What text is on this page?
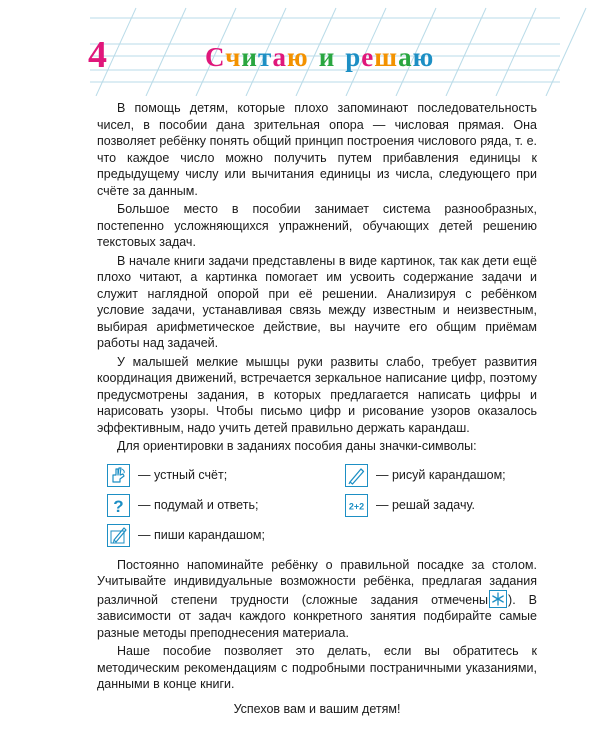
4	Считаю и решаю

В помощь детям, которые плохо запоминают последовательность чисел, в пособии дана зрительная опора — числовая прямая. Она позволяет ребёнку понять общий принцип построения числового ряда, т. е. что каждое число можно получить путем прибавления единицы к предыдущему числу или вычитания единицы из числа, следующего при счёте за данным.

Большое место в пособии занимает система разнообразных, постепенно усложняющихся упражнений, обучающих детей решению текстовых задач.

В начале книги задачи представлены в виде картинок, так как дети ещё плохо читают, а картинка помогает им усвоить содержание задачи и служит наглядной опорой при её решении. Анализируя с ребёнком условие задачи, устанавливая связь между известным и неизвестным, выбирая арифметическое действие, вы научите его общим приёмам работы над задачей.

У малышей мелкие мышцы руки развиты слабо, требует развития координация движений, встречается зеркальное написание цифр, поэтому предусмотрены задания, в которых предлагается написать цифры и нарисовать узоры. Чтобы письмо цифр и рисование узоров оказалось эффективным, надо учить детей правильно держать карандаш.

Для ориентировки в заданиях пособия даны значки-символы:

— устный счёт;
? — подумай и ответь;
— пиши карандашом;
— рисуй карандашом;
2+2 — решай задачу.

Постоянно напоминайте ребёнку о правильной посадке за столом. Учитывайте индивидуальные возможности ребёнка, предлагая задания различной степени трудности (сложные задания отмечены ). В зависимости от задач каждого конкретного занятия подбирайте самые разные методы преподнесения материала.

Наше пособие позволяет это делать, если вы обратитесь к методическим рекомендациям с подробными постраничными указаниями, данными в конце книги.

Успехов вам и вашим детям!
